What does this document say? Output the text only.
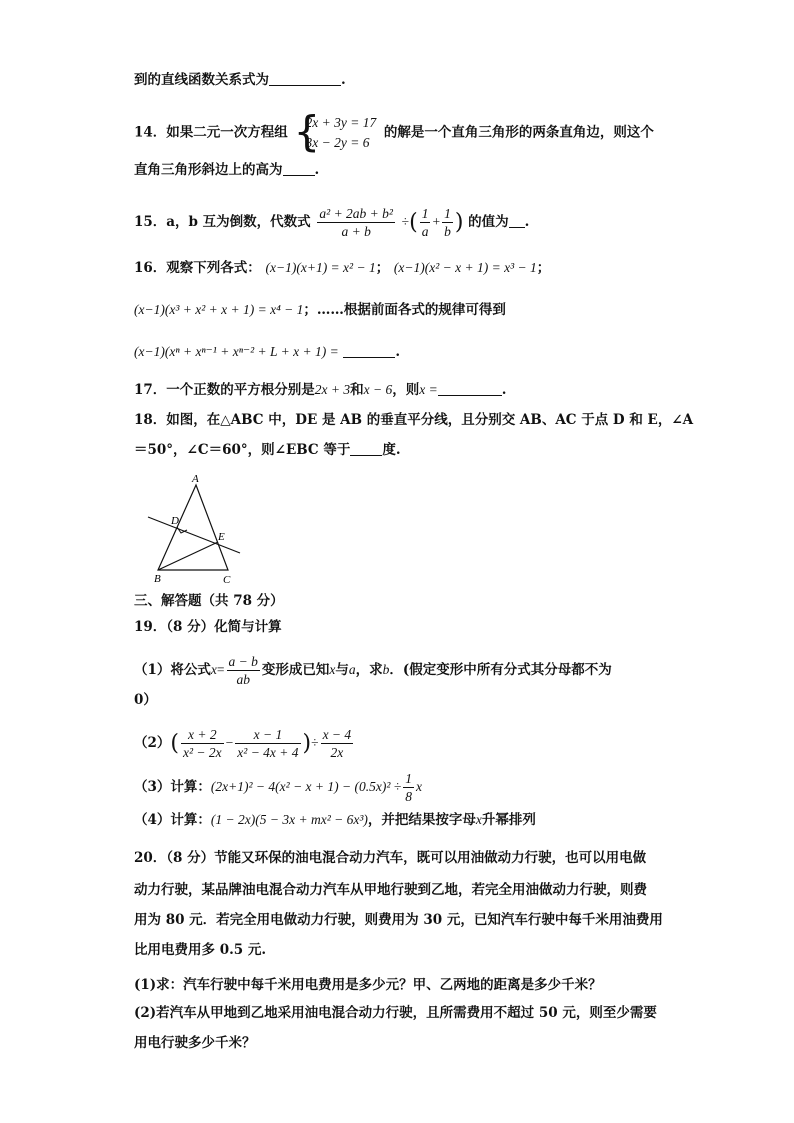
到的直线函数关系式为	.
14．如果二元一次方程组 {
2x + 3y = 17
3x − 2y = 6
的解是一个直角三角形的两条直角边，则这个
直角三角形斜边上的高为 .
15．a，b 互为倒数，代数式 $\frac{\text{a² + 2ab + b²}}{a + b}$ ÷( $\frac{1}{a} + \frac{1}{b}$ ) 的值为 .
16．观察下列各式： (x−1)(x+1) = x² − 1； (x−1)(x² − x + 1) = x³ − 1；
(x−1)(x³ + x² + x + 1) = x⁴ − 1；……根据前面各式的规律可得到
(x−1)(xⁿ + xⁿ⁻¹ + xⁿ⁻² + L + x + 1) =	.
17．一个正数的平方根分别是2x + 3和x − 6，则x =	.
18．如图，在△ABC 中，DE 是 AB 的垂直平分线，且分别交 AB、AC 于点 D 和 E，∠A
＝50°，∠C＝60°，则∠EBC 等于 度.
A
D
E
B	C
三、解答题（共 78 分）
19．（8 分）化简与计算
（1）将公式$x= \frac{a - b}{ab}$ 变形成已知x与a，求b．(假定变形中所有分式其分母都不为
0）
$(2)( \frac{x + 2}{\text{x² − 2x}} - \frac{x - 1}{\text{x² − 4x + 4}}$ )÷ $\frac{x - 4}{2x}$
（3）计算：$(2x+1)^2 - 4(x^2 - x + 1) - (0.5x)^2 \div \frac{1}{8}$ x
（4）计算：(1 − 2x)(5 − 3x + mx² − 6x³)，并把结果按字母x升幂排列
20．（8 分）节能又环保的油电混合动力汽车，既可以用油做动力行驶，也可以用电做
动力行驶，某品牌油电混合动力汽车从甲地行驶到乙地，若完全用油做动力行驶，则费
用为 80 元．若完全用电做动力行驶，则费用为 30 元，已知汽车行驶中每千米用油费用
比用电费用多 0.5 元.
(1)求：汽车行驶中每千米用电费用是多少元？甲、乙两地的距离是多少千米？
(2)若汽车从甲地到乙地采用油电混合动力行驶，且所需费用不超过 50 元，则至少需要
用电行驶多少千米？
